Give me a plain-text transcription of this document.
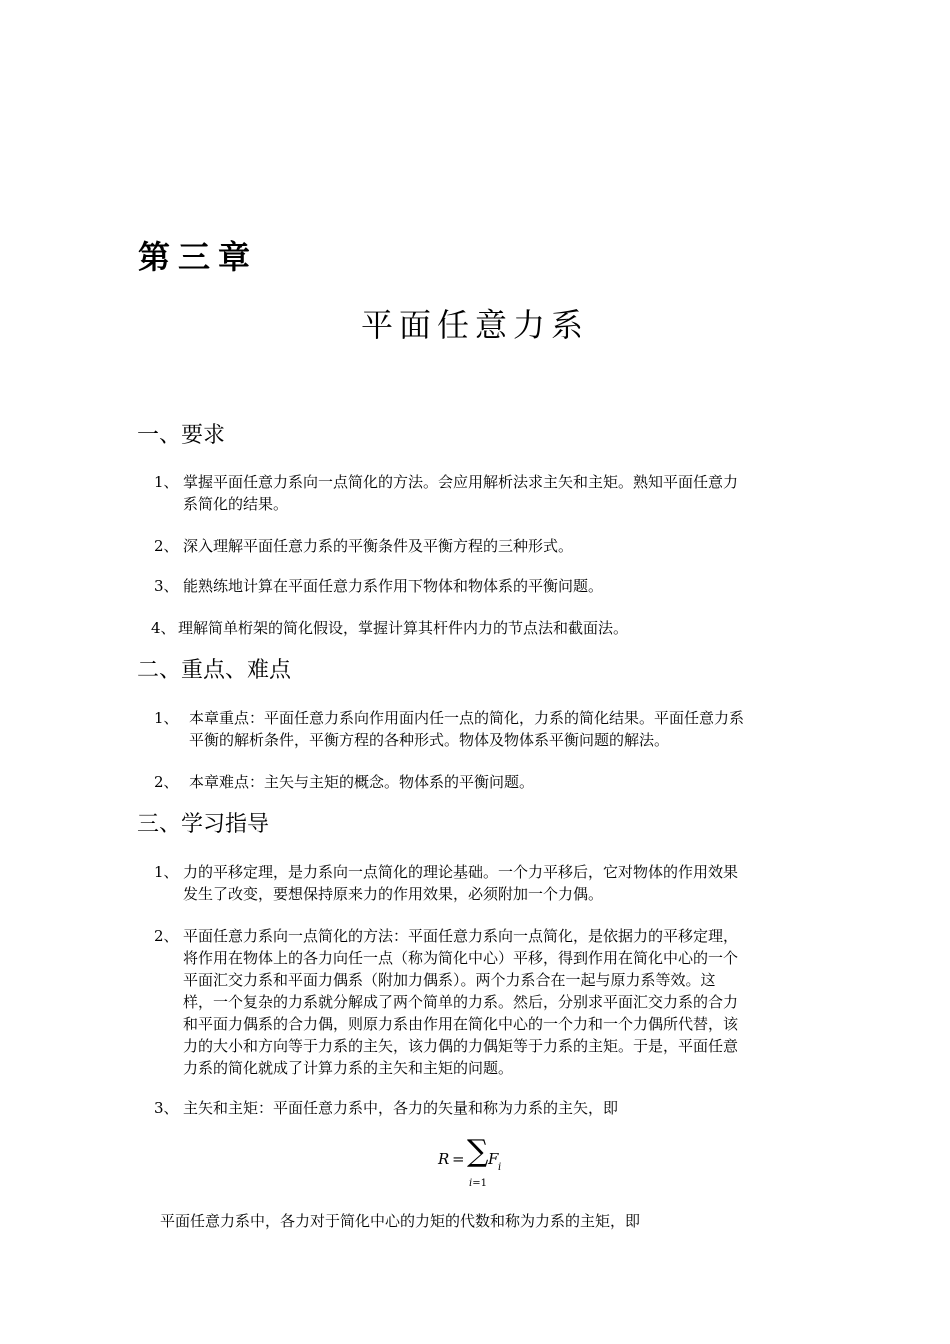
第三章
平面任意力系
一、要求
1、 掌握平面任意力系向一点简化的方法。会应用解析法求主矢和主矩。熟知平面任意力
系简化的结果。
2、 深入理解平面任意力系的平衡条件及平衡方程的三种形式。
3、 能熟练地计算在平面任意力系作用下物体和物体系的平衡问题。
4、 理解简单桁架的简化假设，掌握计算其杆件内力的节点法和截面法。
二、重点、难点
1、 本章重点：平面任意力系向作用面内任一点的简化，力系的简化结果。平面任意力系
平衡的解析条件，平衡方程的各种形式。物体及物体系平衡问题的解法。
2、 本章难点：主矢与主矩的概念。物体系的平衡问题。
三、学习指导
1、 力的平移定理，是力系向一点简化的理论基础。一个力平移后，它对物体的作用效果
发生了改变，要想保持原来力的作用效果，必须附加一个力偶。
2、 平面任意力系向一点简化的方法：平面任意力系向一点简化，是依据力的平移定理，
将作用在物体上的各力向任一点（称为简化中心）平移，得到作用在简化中心的一个
平面汇交力系和平面力偶系（附加力偶系）。两个力系合在一起与原力系等效。这
样，一个复杂的力系就分解成了两个简单的力系。然后，分别求平面汇交力系的合力
和平面力偶系的合力偶，则原力系由作用在简化中心的一个力和一个力偶所代替，该
力的大小和方向等于力系的主矢，该力偶的力偶矩等于力系的主矩。于是，平面任意
力系的简化就成了计算力系的主矢和主矩的问题。
3、 主矢和主矩：平面任意力系中，各力的矢量和称为力系的主矢，即
R = ∑ F i
i=1
平面任意力系中，各力对于简化中心的力矩的代数和称为力系的主矩，即
